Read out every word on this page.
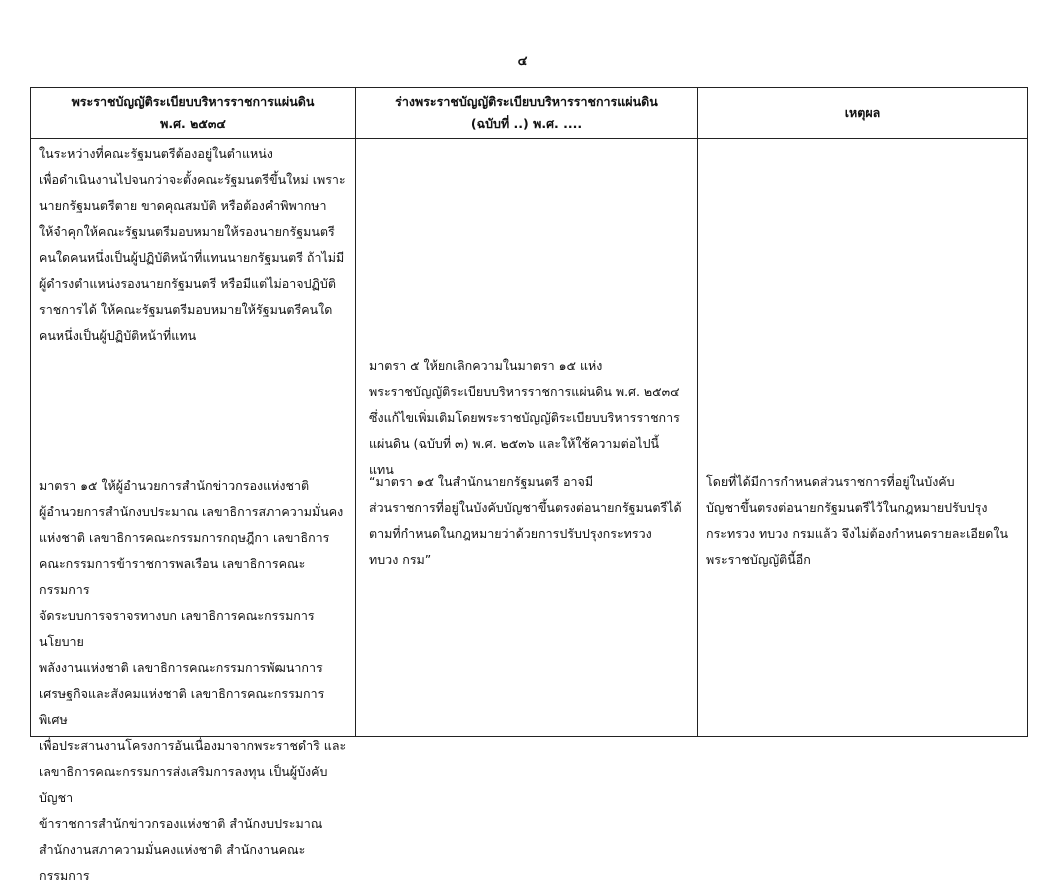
๔
พระราชบัญญัติระเบียบบริหารราชการแผ่นดิน
พ.ศ. ๒๕๓๔
ร่างพระราชบัญญัติระเบียบบริหารราชการแผ่นดิน
(ฉบับที่ ..) พ.ศ. ....
เหตุผล

ในระหว่างที่คณะรัฐมนตรีต้องอยู่ในตำแหน่ง
เพื่อดำเนินงานไปจนกว่าจะตั้งคณะรัฐมนตรีขึ้นใหม่ เพราะ
นายกรัฐมนตรีตาย ขาดคุณสมบัติ หรือต้องคำพิพากษา
ให้จำคุกให้คณะรัฐมนตรีมอบหมายให้รองนายกรัฐมนตรี
คนใดคนหนึ่งเป็นผู้ปฏิบัติหน้าที่แทนนายกรัฐมนตรี ถ้าไม่มี
ผู้ดำรงตำแหน่งรองนายกรัฐมนตรี หรือมีแต่ไม่อาจปฏิบัติ
ราชการได้ ให้คณะรัฐมนตรีมอบหมายให้รัฐมนตรีคนใด
คนหนึ่งเป็นผู้ปฏิบัติหน้าที่แทน

มาตรา ๑๕ ให้ผู้อำนวยการสำนักข่าวกรองแห่งชาติ
ผู้อำนวยการสำนักงบประมาณ เลขาธิการสภาความมั่นคง
แห่งชาติ เลขาธิการคณะกรรมการกฤษฎีกา เลขาธิการ
คณะกรรมการข้าราชการพลเรือน เลขาธิการคณะกรรมการ
จัดระบบการจราจรทางบก เลขาธิการคณะกรรมการนโยบาย
พลังงานแห่งชาติ เลขาธิการคณะกรรมการพัฒนาการ
เศรษฐกิจและสังคมแห่งชาติ เลขาธิการคณะกรรมการพิเศษ
เพื่อประสานงานโครงการอันเนื่องมาจากพระราชดำริ และ
เลขาธิการคณะกรรมการส่งเสริมการลงทุน เป็นผู้บังคับบัญชา
ข้าราชการสำนักข่าวกรองแห่งชาติ สำนักงบประมาณ
สำนักงานสภาความมั่นคงแห่งชาติ สำนักงานคณะกรรมการ

มาตรา ๕ ให้ยกเลิกความในมาตรา ๑๕ แห่ง
พระราชบัญญัติระเบียบบริหารราชการแผ่นดิน พ.ศ. ๒๕๓๔
ซึ่งแก้ไขเพิ่มเติมโดยพระราชบัญญัติระเบียบบริหารราชการ
แผ่นดิน (ฉบับที่ ๓) พ.ศ. ๒๕๓๖ และให้ใช้ความต่อไปนี้
แทน

“มาตรา ๑๕ ในสำนักนายกรัฐมนตรี อาจมี
ส่วนราชการที่อยู่ในบังคับบัญชาขึ้นตรงต่อนายกรัฐมนตรีได้
ตามที่กำหนดในกฎหมายว่าด้วยการปรับปรุงกระทรวง
ทบวง กรม”

โดยที่ได้มีการกำหนดส่วนราชการที่อยู่ในบังคับ
บัญชาขึ้นตรงต่อนายกรัฐมนตรีไว้ในกฎหมายปรับปรุง
กระทรวง ทบวง กรมแล้ว จึงไม่ต้องกำหนดรายละเอียดใน
พระราชบัญญัตินี้อีก
